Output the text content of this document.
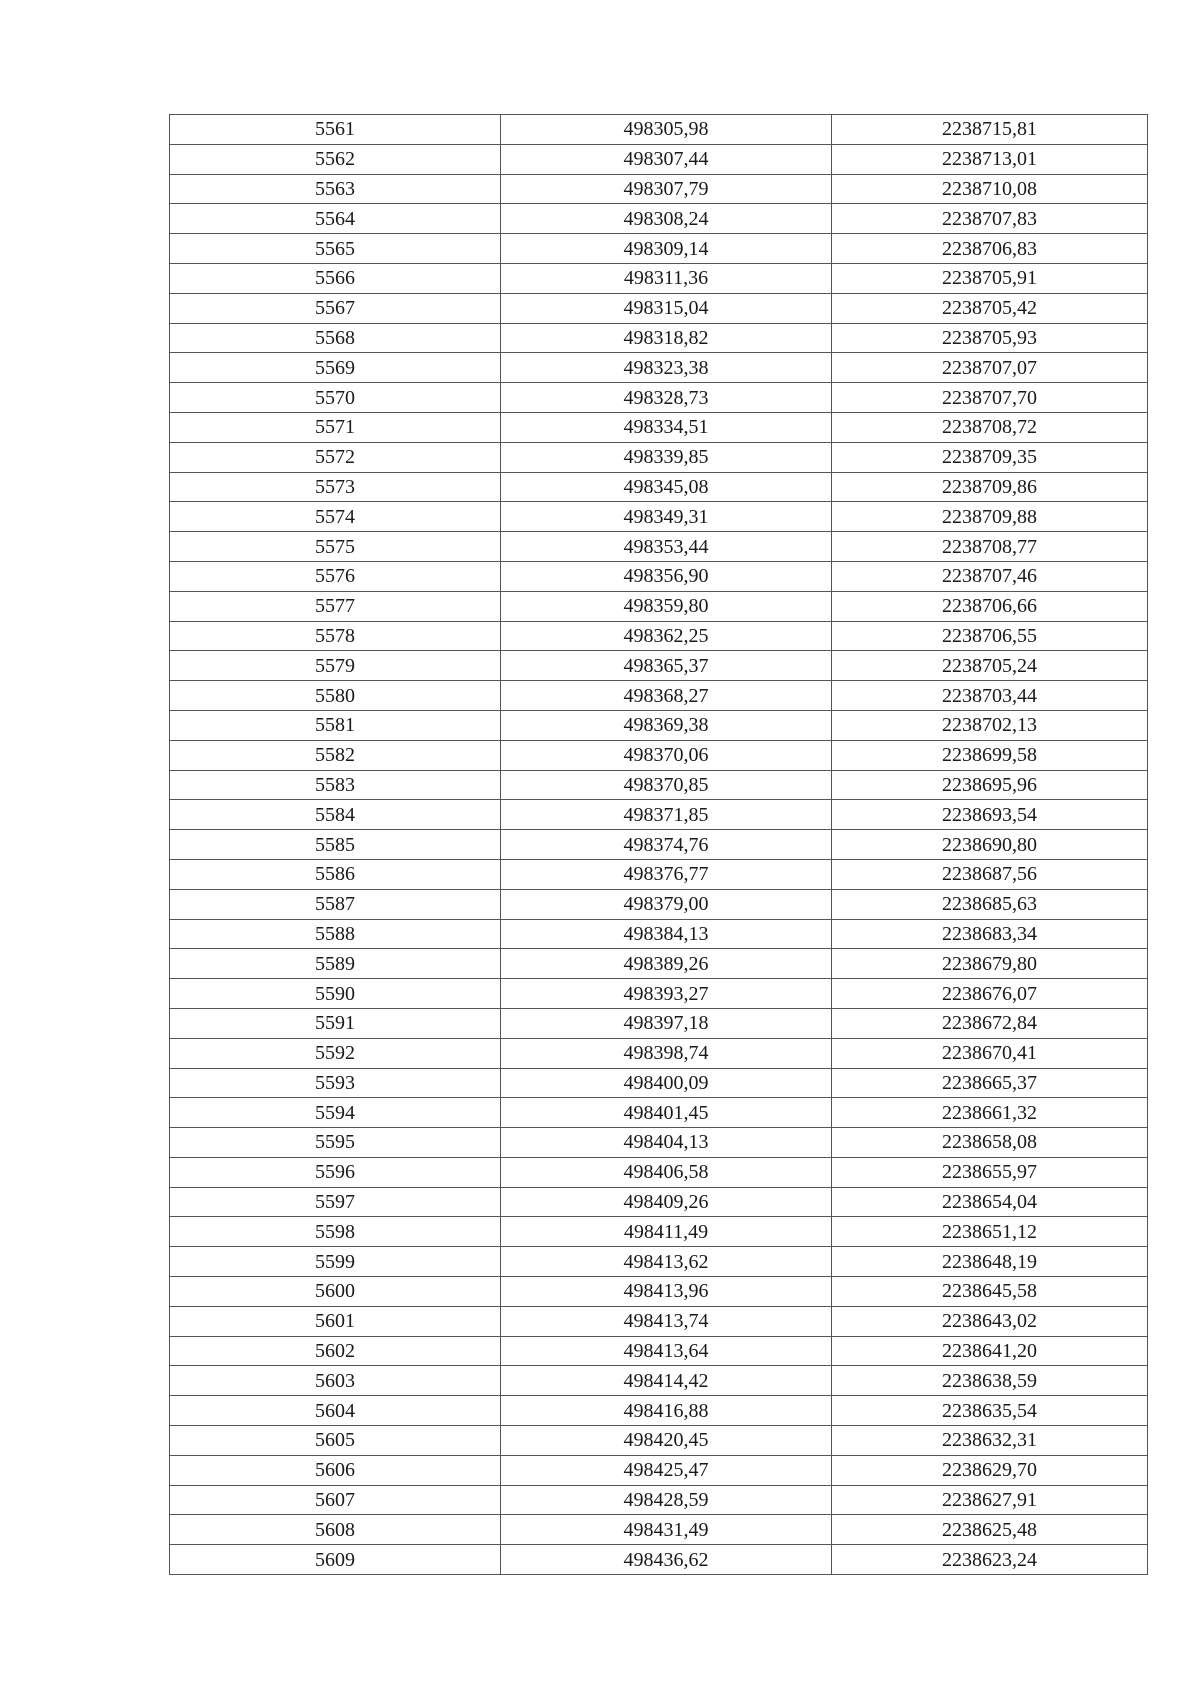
5561	498305,98	2238715,81
5562	498307,44	2238713,01
5563	498307,79	2238710,08
5564	498308,24	2238707,83
5565	498309,14	2238706,83
5566	498311,36	2238705,91
5567	498315,04	2238705,42
5568	498318,82	2238705,93
5569	498323,38	2238707,07
5570	498328,73	2238707,70
5571	498334,51	2238708,72
5572	498339,85	2238709,35
5573	498345,08	2238709,86
5574	498349,31	2238709,88
5575	498353,44	2238708,77
5576	498356,90	2238707,46
5577	498359,80	2238706,66
5578	498362,25	2238706,55
5579	498365,37	2238705,24
5580	498368,27	2238703,44
5581	498369,38	2238702,13
5582	498370,06	2238699,58
5583	498370,85	2238695,96
5584	498371,85	2238693,54
5585	498374,76	2238690,80
5586	498376,77	2238687,56
5587	498379,00	2238685,63
5588	498384,13	2238683,34
5589	498389,26	2238679,80
5590	498393,27	2238676,07
5591	498397,18	2238672,84
5592	498398,74	2238670,41
5593	498400,09	2238665,37
5594	498401,45	2238661,32
5595	498404,13	2238658,08
5596	498406,58	2238655,97
5597	498409,26	2238654,04
5598	498411,49	2238651,12
5599	498413,62	2238648,19
5600	498413,96	2238645,58
5601	498413,74	2238643,02
5602	498413,64	2238641,20
5603	498414,42	2238638,59
5604	498416,88	2238635,54
5605	498420,45	2238632,31
5606	498425,47	2238629,70
5607	498428,59	2238627,91
5608	498431,49	2238625,48
5609	498436,62	2238623,24
